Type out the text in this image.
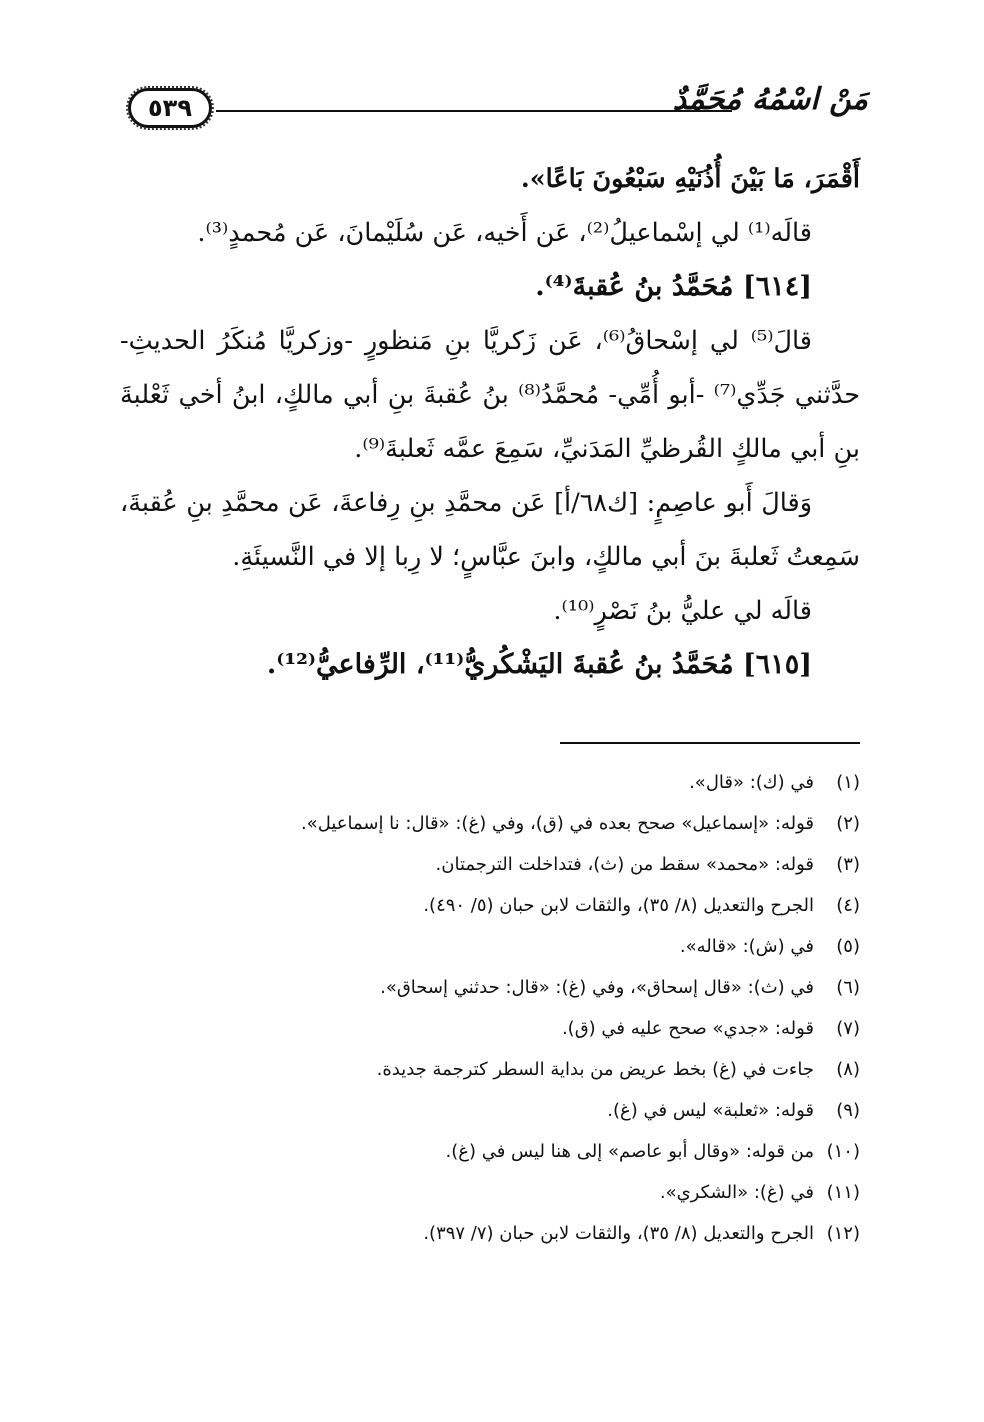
٥٣٩	مَنْ اسْمُهُ مُحَمَّدٌ

أَقْمَرَ، مَا بَيْنَ أُذُنَيْهِ سَبْعُونَ بَاعًا».

قالَه⁽¹⁾ لي إسْماعيلُ⁽²⁾، عَن أَخيه، عَن سُلَيْمانَ، عَن مُحمدٍ⁽³⁾.

[٦١٤] مُحَمَّدُ بنُ عُقبةَ⁽⁴⁾.

قالَ⁽⁵⁾ لي إسْحاقُ⁽⁶⁾، عَن زَكريَّا بنِ مَنظورٍ -وزكريَّا مُنكَرُ الحديثِ- حدَّثني جَدِّي⁽⁷⁾ -أبو أُمِّي- مُحمَّدُ⁽⁸⁾ بنُ عُقبةَ بنِ أبي مالكٍ، ابنُ أخي ثَعْلبةَ بنِ أبي مالكٍ القُرظيِّ المَدَنيِّ، سَمِعَ عمَّه ثَعلبةَ⁽⁹⁾.

وَقالَ أَبو عاصِمٍ: [ك٦٨/أ] عَن محمَّدِ بنِ رِفاعةَ، عَن محمَّدِ بنِ عُقبةَ، سَمِعتُ ثَعلبةَ بنَ أبي مالكٍ، وابنَ عبَّاسٍ؛ لا رِبا إلا في النَّسيئَةِ.

قالَه لي عليُّ بنُ نَصْرٍ⁽¹⁰⁾.

[٦١٥] مُحَمَّدُ بنُ عُقبةَ اليَشْكُريُّ⁽¹¹⁾، الرِّفاعيُّ⁽¹²⁾.

(١)في (ك): «قال».
(٢)قوله: «إسماعيل» صحح بعده في (ق)، وفي (غ): «قال: نا إسماعيل».
(٣)قوله: «محمد» سقط من (ث)، فتداخلت الترجمتان.
(٤)الجرح والتعديل (٨/ ٣٥)، والثقات لابن حبان (٥/ ٤٩٠).
(٥)في (ش): «قاله».
(٦)في (ث): «قال إسحاق»، وفي (غ): «قال: حدثني إسحاق».
(٧)قوله: «جدي» صحح عليه في (ق).
(٨)جاءت في (غ) بخط عريض من بداية السطر كترجمة جديدة.
(٩)قوله: «ثعلبة» ليس في (غ).
(١٠)من قوله: «وقال أبو عاصم» إلى هنا ليس في (غ).
(١١)في (غ): «الشكري».
(١٢)الجرح والتعديل (٨/ ٣٥)، والثقات لابن حبان (٧/ ٣٩٧).
